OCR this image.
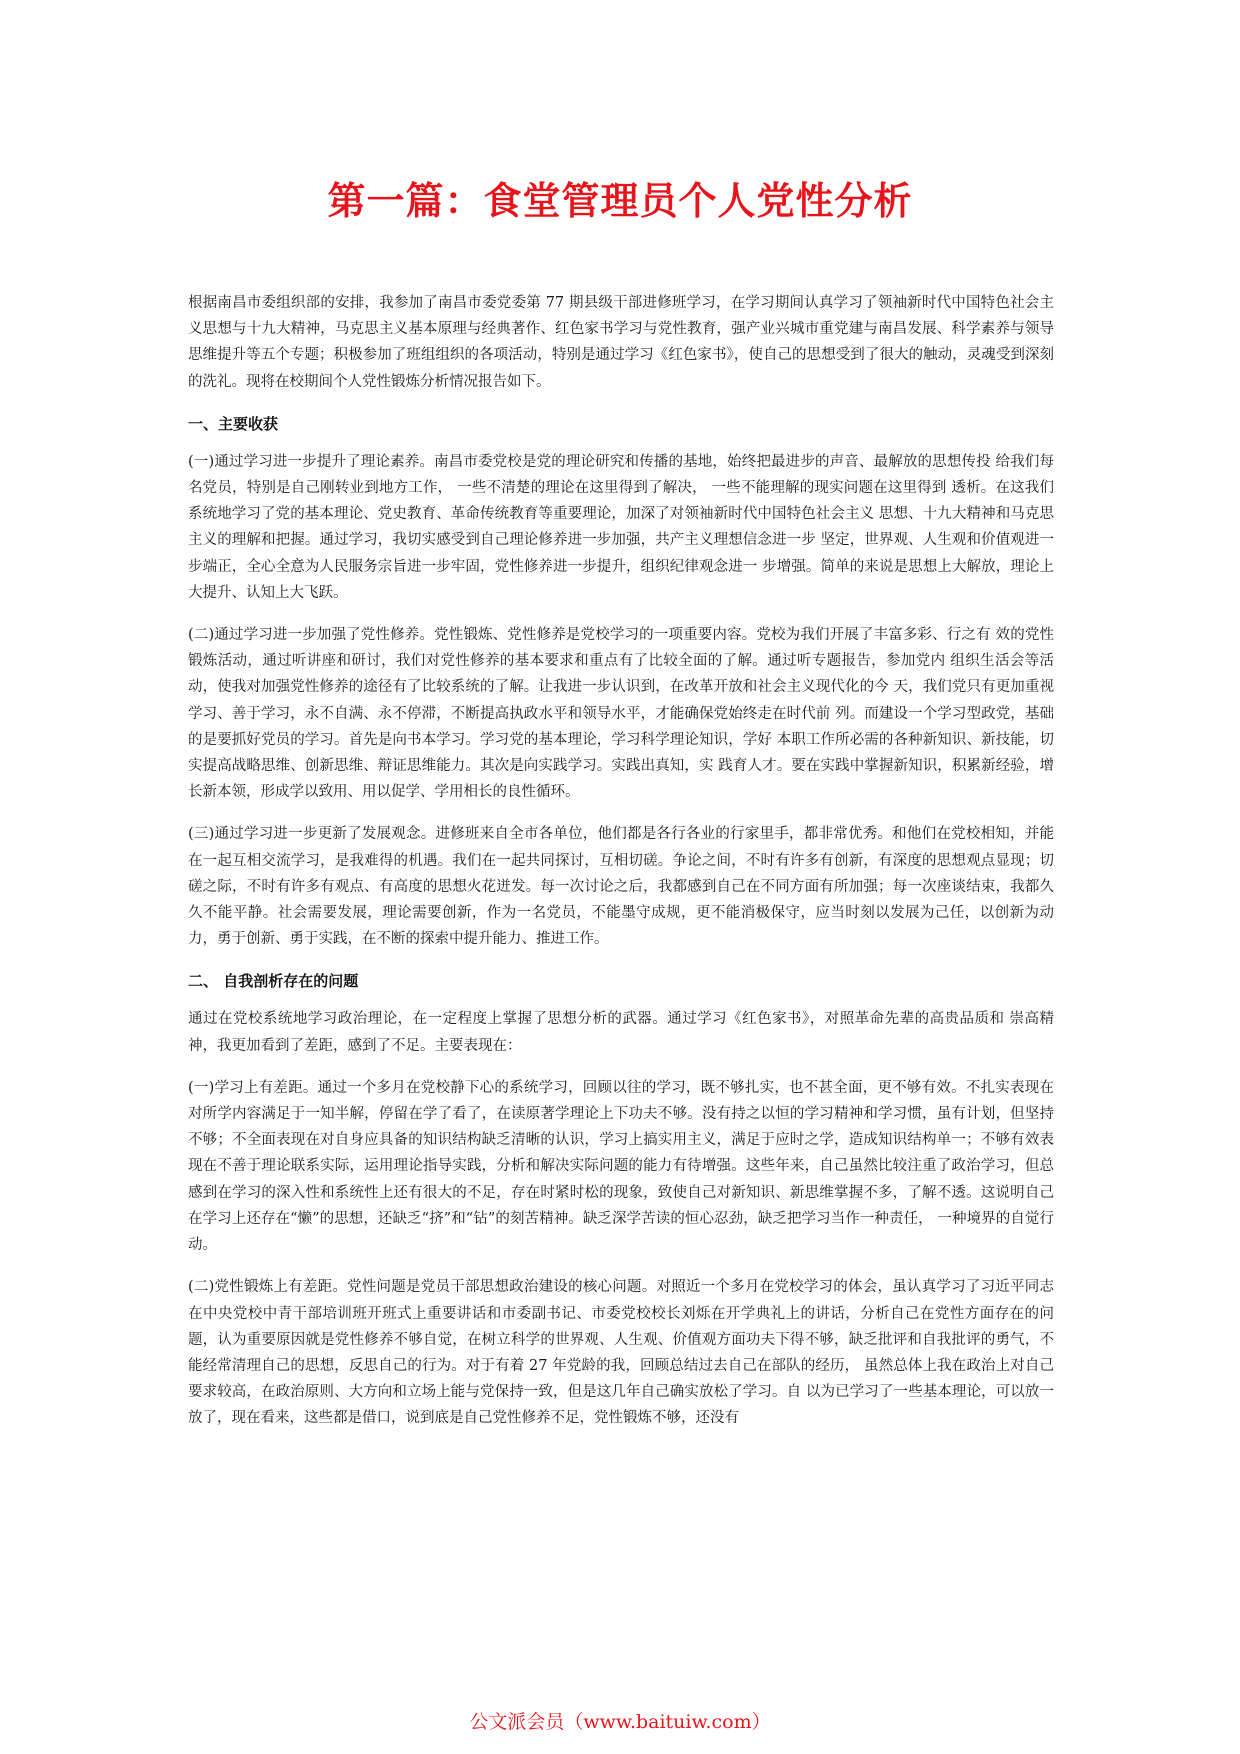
第一篇：食堂管理员个人党性分析

根据南昌市委组织部的安排，我参加了南昌市委党委第 77 期县级干部进修班学习，在学习期间认真学习了领袖新时代中国特色社会主义思想与十九大精神，马克思主义基本原理与经典著作、红色家书学习与党性教育，强产业兴城市重党建与南昌发展、科学素养与领导思维提升等五个专题；积极参加了班组组织的各项活动，特别是通过学习《红色家书》，使自己的思想受到了很大的触动，灵魂受到深刻的洗礼。现将在校期间个人党性锻炼分析情况报告如下。

一、主要收获

(一)通过学习进一步提升了理论素养。南昌市委党校是党的理论研究和传播的基地，始终把最进步的声音、最解放的思想传投 给我们每名党员，特别是自己刚转业到地方工作， 一些不清楚的理论在这里得到了解决， 一些不能理解的现实问题在这里得到 透析。在这我们系统地学习了党的基本理论、党史教育、革命传统教育等重要理论，加深了对领袖新时代中国特色社会主义 思想、十九大精神和马克思主义的理解和把握。通过学习，我切实感受到自己理论修养进一步加强，共产主义理想信念进一步 坚定，世界观、人生观和价值观进一步端正，全心全意为人民服务宗旨进一步牢固，党性修养进一步提升，组织纪律观念进一 步增强。简单的来说是思想上大解放，理论上大提升、认知上大飞跃。

(二)通过学习进一步加强了党性修养。党性锻炼、党性修养是党校学习的一项重要内容。党校为我们开展了丰富多彩、行之有 效的党性锻炼活动，通过听讲座和研讨，我们对党性修养的基本要求和重点有了比较全面的了解。通过听专题报告，参加党内 组织生活会等活动，使我对加强党性修养的途径有了比较系统的了解。让我进一步认识到，在改革开放和社会主义现代化的今 天，我们党只有更加重视学习、善于学习，永不自满、永不停滞，不断提高执政水平和领导水平，才能确保党始终走在时代前 列。而建设一个学习型政党，基础的是要抓好党员的学习。首先是向书本学习。学习党的基本理论，学习科学理论知识，学好 本职工作所必需的各种新知识、新技能，切实提高战略思维、创新思维、辩证思维能力。其次是向实践学习。实践出真知，实 践育人才。要在实践中掌握新知识，积累新经验，增长新本领，形成学以致用、用以促学、学用相长的良性循环。

(三)通过学习进一步更新了发展观念。进修班来自全市各单位，他们都是各行各业的行家里手，都非常优秀。和他们在党校相知，并能在一起互相交流学习，是我难得的机遇。我们在一起共同探讨，互相切磋。争论之间，不时有许多有创新，有深度的思想观点显现；切磋之际，不时有许多有观点、有高度的思想火花迸发。每一次讨论之后，我都感到自己在不同方面有所加强；每一次座谈结束，我都久久不能平静。社会需要发展，理论需要创新，作为一名党员，不能墨守成规，更不能消极保守，应当时刻以发展为己任，以创新为动力，勇于创新、勇于实践，在不断的探索中提升能力、推进工作。

二、 自我剖析存在的问题

通过在党校系统地学习政治理论，在一定程度上掌握了思想分析的武器。通过学习《红色家书》，对照革命先辈的高贵品质和 崇高精神，我更加看到了差距，感到了不足。主要表现在：

(一)学习上有差距。通过一个多月在党校静下心的系统学习，回顾以往的学习，既不够扎实，也不甚全面，更不够有效。不扎实表现在对所学内容满足于一知半解，停留在学了看了，在读原著学理论上下功夫不够。没有持之以恒的学习精神和学习惯，虽有计划，但坚持不够；不全面表现在对自身应具备的知识结构缺乏清晰的认识，学习上搞实用主义，满足于应时之学，造成知识结构单一；不够有效表现在不善于理论联系实际，运用理论指导实践，分析和解决实际问题的能力有待增强。这些年来，自己虽然比较注重了政治学习，但总感到在学习的深入性和系统性上还有很大的不足，存在时紧时松的现象，致使自己对新知识、新思维掌握不多，了解不透。这说明自己在学习上还存在“懒”的思想，还缺乏“挤”和“钻”的刻苦精神。缺乏深学苦读的恒心忍劲，缺乏把学习当作一种责任， 一种境界的自觉行动。

(二)党性锻炼上有差距。党性问题是党员干部思想政治建设的核心问题。对照近一个多月在党校学习的体会，虽认真学习了习近平同志在中央党校中青干部培训班开班式上重要讲话和市委副书记、市委党校校长刘烁在开学典礼上的讲话，分析自己在党性方面存在的问题，认为重要原因就是党性修养不够自觉，在树立科学的世界观、人生观、价值观方面功夫下得不够，缺乏批评和自我批评的勇气，不能经常清理自己的思想，反思自己的行为。对于有着 27 年党龄的我，回顾总结过去自己在部队的经历， 虽然总体上我在政治上对自己要求较高，在政治原则、大方向和立场上能与党保持一致，但是这几年自己确实放松了学习。自 以为已学习了一些基本理论，可以放一放了，现在看来，这些都是借口，说到底是自己党性修养不足，党性锻炼不够，还没有

公文派会员（www.baituiw.com）
